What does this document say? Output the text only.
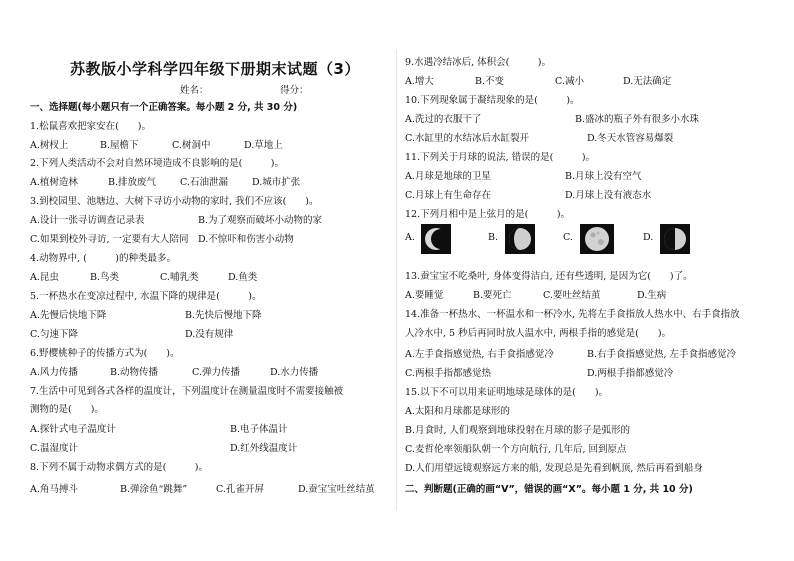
苏教版小学科学四年级下册期末试题（3）
姓名：	得分：
一、选择题(每小题只有一个正确答案。每小题 2 分, 共 30 分)
1.松鼠喜欢把家安在(　　)。
A.树杈上	B.屋檐下	C.树洞中	D.草地上
2.下列人类活动不会对自然环境造成不良影响的是(　　　)。
A.植树造林	B.排放废气	C.石油泄漏	D.城市扩张
3.到校园里、池塘边、大树下寻访小动物的家时, 我们不应该(　　)。
A.设计一张寻访调查记录表	B.为了观察而破坏小动物的家
C.如果到校外寻访, 一定要有大人陪同 D.不惊吓和伤害小动物
4.动物界中, (　　　)的种类最多。
A.昆虫	B.鸟类	C.哺乳类	D.鱼类
5.一杯热水在变凉过程中, 水温下降的规律是(　　　)。
A.先慢后快地下降	B.先快后慢地下降
C.匀速下降	D.没有规律
6.野樱桃种子的传播方式为(　　)。
A.风力传播	B.动物传播	C.弹力传播	D.水力传播
7.生活中可见到各式各样的温度计，下列温度计在测量温度时不需要接触被
测物的是(　　)。
A.探针式电子温度计	B.电子体温计
C.温湿度计	D.红外线温度计
8.下列不属于动物求偶方式的是(　　　)。
A.角马搏斗	B.弹涂鱼“跳舞”	C.孔雀开屏	D.蚕宝宝吐丝结茧
9.水遇冷结冰后, 体积会(　　　)。
A.增大	B.不变	C.减小	D.无法确定
10.下列现象属于凝结现象的是(　　　)。
A.洗过的衣服干了	B.盛冰的瓶子外有很多小水珠
C.水缸里的水结冰后水缸裂开	D.冬天水管容易爆裂
11.下列关于月球的说法, 错误的是(　　　)。
A.月球是地球的卫星	B.月球上没有空气
C.月球上有生命存在	D.月球上没有液态水
12.下列月相中是上弦月的是(　　　)。
A.	B.	C.	D.
13.蚕宝宝不吃桑叶, 身体变得洁白, 还有些透明, 是因为它(　　)了。
A.要睡觉	B.要死亡	C.要吐丝结茧	D.生病
14.准备一杯热水、一杯温水和一杯冷水, 先将左手食指放人热水中、右手食指放
人冷水中, 5 秒后再同时放人温水中, 两根手指的感觉是(　　)。
A.左手食指感觉热, 右手食指感觉冷	B.右手食指感觉热, 左手食指感觉冷
C.两根手指都感觉热	D.两根手指都感觉冷
15.以下不可以用来证明地球是球体的是(　　)。
A.太阳和月球都是球形的
B.月食时, 人们观察到地球投射在月球的影子是弧形的
C.麦哲伦率领船队朝一个方向航行, 几年后, 回到原点
D.人们用望远镜观察远方来的船, 发现总是先看到帆顶, 然后再看到船身
二、判断题(正确的画“V”，错误的画“X”。每小题 1 分, 共 10 分)
